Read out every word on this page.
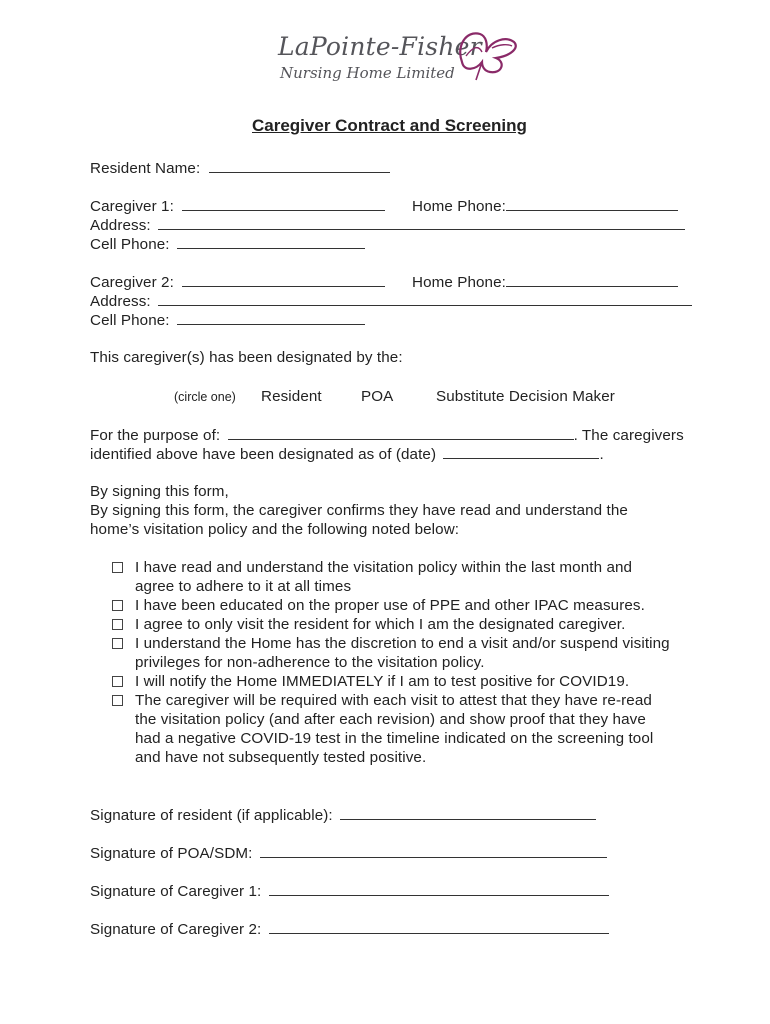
LaPointe-Fisher
Nursing Home Limited
Caregiver Contract and Screening
Resident Name:
Caregiver 1:	Home Phone:
Address:
Cell Phone:
Caregiver 2:	Home Phone:
Address:
Cell Phone:
This caregiver(s) has been designated by the:
(circle one) Resident	POA	Substitute Decision Maker
For the purpose of:	. The caregivers
identified above have been designated as of (date)	.
By signing this form,
By signing this form, the caregiver confirms they have read and understand the
home’s visitation policy and the following noted below:
I have read and understand the visitation policy within the last month and
agree to adhere to it at all times
I have been educated on the proper use of PPE and other IPAC measures.
I agree to only visit the resident for which I am the designated caregiver.
I understand the Home has the discretion to end a visit and/or suspend visiting
privileges for non-adherence to the visitation policy.
I will notify the Home IMMEDIATELY if I am to test positive for COVID19.
The caregiver will be required with each visit to attest that they have re-read
the visitation policy (and after each revision) and show proof that they have
had a negative COVID-19 test in the timeline indicated on the screening tool
and have not subsequently tested positive.
Signature of resident (if applicable):
Signature of POA/SDM:
Signature of Caregiver 1:
Signature of Caregiver 2:
